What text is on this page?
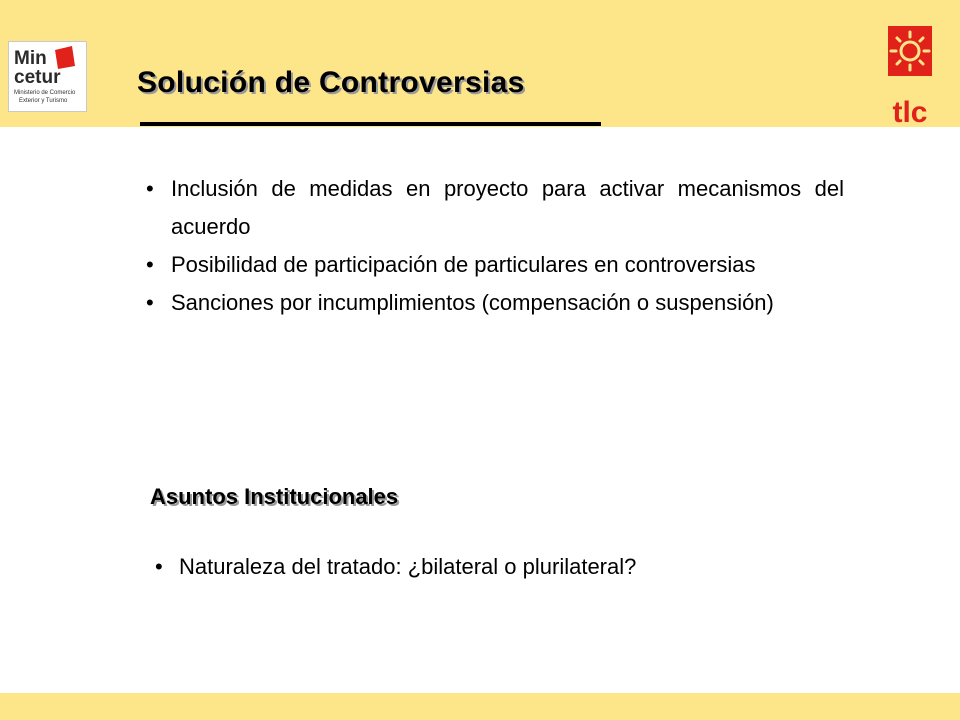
Min
cetur
Ministerio de Comercio
Exterior y Turismo	tlc
Solución de Controversias
• Inclusión de medidas en proyecto para activar mecanismos del acuerdo
• Posibilidad de participación de particulares en controversias
• Sanciones por incumplimientos (compensación o suspensión)
Asuntos Institucionales
• Naturaleza del tratado: ¿bilateral o plurilateral?
